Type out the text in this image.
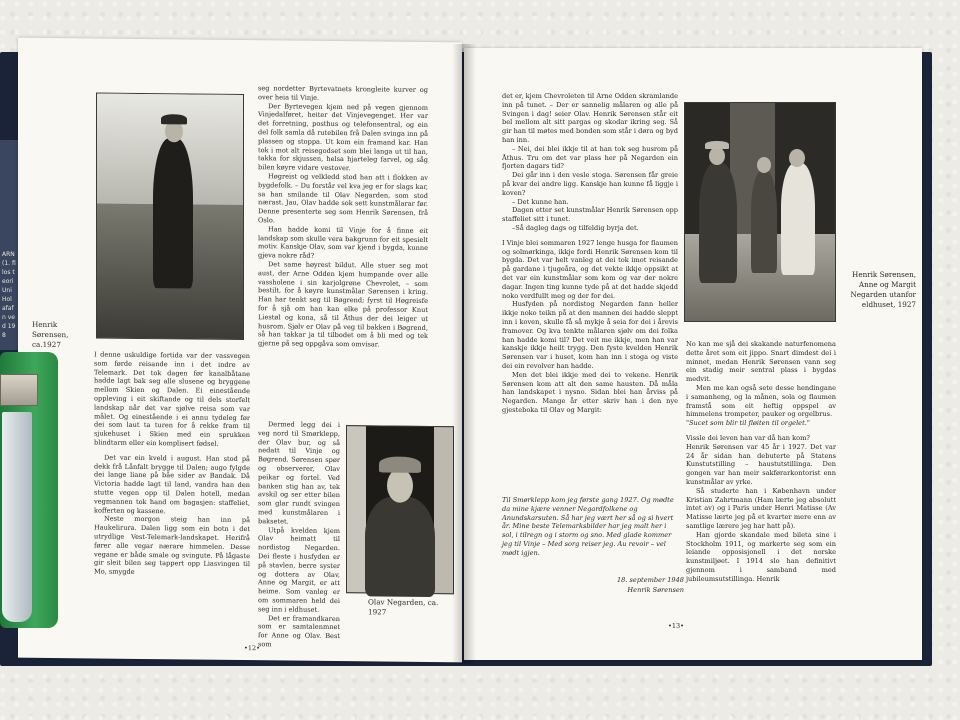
ARN (1. filos teori Uni Hol afaf n ved 198
Henrik Sørensen, ca.1927

I denne uskuldige fortida var der vassvegen som førde reisande inn i det indre av Telemark. Det tok dagen før kanalbåtane hadde lagt bak seg alle slusene og bryggene mellom Skien og Dalen. Ei einestående oppleving i eit skiftande og til dels storfelt landskap når det var sjølve reisa som var målet. Og einestående i ei annu tydeleg før dei som laut ta turen for å rekke fram til sjukehuset i Skien med ein sprukken blindtarm eller ein komplisert fødsel.

Det var ein kveld i august. Han stod på dekk frå Lånfalt brygge til Dalen; augo fylgde dei lange liane på båe sider av Bandak. Då Victoria hadde lagt til land, vandra han den stutte vegen opp til Dalen hotell, medan vegmannen tok hand om bagasjen: staffeliet, kofferten og kassene.

Neste morgon steig han inn på Haukelirura. Dalen ligg som ein botn i det utrydlige Vest-Telemark-landskapet. Herifrå fører alle vegar nærare himmelen. Desse vegane er både smale og svingute. På lågaste gir sleit bilen seg tappert opp Liasvingen til Mo, smygde

seg nordetter Byrtevatnets krongleite kurver og over heia til Vinje.

Der Byrtevegen kjem ned på vegen gjennom Vinjedalføret, heiter det Vinjevegenget. Her var det forretning, posthus og telefonsentral, og ein del folk samla då rutebilen frå Dalen svinga inn på plassen og stoppa. Ut kom ein framand kar. Han tok i mot alt reisegodset som blei langa ut til han, takka for skjussen, helsa hjarteleg farvel, og såg bilen køyre vidare vestover.

Høgreist og velkledd stod han att i flokken av bygdefolk. – Du forstår vel kva jeg er for slags kar, sa han smilande til Olav Negarden, som stod nærast. Jau, Olav hadde sok sett kunstmålarar før. Denne presenterte seg som Henrik Sørensen, frå Oslo.

Han hadde komi til Vinje for å finne eit landskap som skulle vera bakgrunn for eit spesielt motiv. Kanskje Olav, som var kjend i bygda, kunne gjeva nokre råd?

Det same høyrest bildut. Alle stuer seg mot aust, der Arne Odden kjem humpande over alle vassholene i sin karjolgrøne Chevrolet, – som bestilt, for å køyre kunstmålar Sørensen i kring. Han har tenkt seg til Bøgrend; fyrst til Høgreisfe for å sjå om han kan elke på professor Knut Liestøl og kona, så til Åthus der dei leiger ut husrom. Sjølv er Olav på veg til bakken i Bøgrend, så han takkar ja til tilbodet om å bli med og tek gjerne på seg oppgåva som omvisar.

Dermed legg dei i veg nord til Smørklepp, der Olav bur, og så nedatt til Vinje og Bøgrend. Sørensen spør og observerer, Olav peikar og fortel. Ved banken stig han av, tek avskil og ser etter bilen som glar rundt svingen med kunstmålaren i baksetet.

Utpå kvelden kjem Olav heimatt til nordistog Negarden. Dei fleste i husfyden er på stavlen, berre syster og dottera av Olav, Anne og Margit, er att heime. Som vanleg er om sommaren held dei seg inn i eldhuset.

Det er framandkaren som er samtalenmnet for Anne og Olav. Best som

Olav Negarden, ca. 1927
•12•

det er, kjem Chevroleten til Arne Odden skramlande inn på tunet. – Der er sannelig målaren og alle på Svingen i dag! seier Olav. Henrik Sørensen står eit bel mellom alt sitt pargas og skodar ikring seg. Så gir han til møtes med bonden som står i døra og byd han inn.

– Nei, dei blei ikkje til at han tok seg husrom på Åthus. Tru om det var plass her på Negarden ein fjorten dagars tid?

Dei går inn i den vesle stoga. Sørensen får greie på kvar dei andre ligg. Kanskje han kunne få liggje i koven?

– Det kunne han.

Dagen etter set kunstmålar Henrik Sørensen opp staffeliet sitt i tunet.

–Så dagleg dags og tilfeldig byrja det.

I Vinje blei sommaren 1927 lenge husga for flaumen og solmørkinga, ikkje fordi Henrik Sørensen kom til bygda. Det var helt vanleg at dei tok imot reisande på gardane i tjugeåra, og det vekte ikkje oppsikt at det var ein kunstmålar som kom og var der nokre dagar. Ingen ting kunne tyde på at det hadde skjedd noko verdfullt meg og der for dei.

Husfyden på nordistog Negarden fann heller ikkje noko teikn på at den mannen dei hadde sleppt inn i koven, skulle få så mykje å seia for dei i årevis framover. Og kva tenkte målaren sjølv om dei folka han hadde komi til? Det veit me ikkje, men han var kanskje ikkje heilt trygg. Den fyste kvelden Henrik Sørensen var i huset, kom han inn i stoga og viste dei ein revolver han hadde.

Men det blei ikkje med dei to vekene. Henrik Sørensen kom att alt den same hausten. Då måla han landskapet i nysno. Sidan blei han årviss på Negarden. Mange år etter skriv han i den nye gjesteboka til Olav og Margit:

Til Smørklepp kom jeg første gang 1927. Og mødte da mine kjære venner Negardfolkene og Anundskarsuten. Så har jeg vært her så og si hvert år. Mine beste Telemarksbilder har jeg malt her i sol, i tilregn og i storm og sno. Med glade kommer jeg til Vinje – Med sorg reiser jeg. Au revoir – vel mødt igjen.
18. september 1948
Henrik Sørensen
Henrik Sørensen, Anne og Margit Negarden utanfor eldhuset, 1927

No kan me sjå dei skakande naturfenomena dette året som eit jippo. Snart dimdest dei i minnet, medan Henrik Sørensen vann seg ein stadig meir sentral plass i bygdas medvit.

Men me kan også sete desse hendingane i samanheng, og la månen, sola og flaumen framstå som eit heftig oppspel av himmelens trompeter, pauker og orgelbrus.

"Sucet som blir til fløiten til orgelet."

Vissle dei leven han var då han kom?

Henrik Sørensen var 45 år i 1927. Det var 24 år sidan han debuterte på Statens Kunstutstilling – haustutstillinga. Den gongen var han meir sakførarkontorist enn kunstmålar av yrke.

Så studerte han i København under Kristian Zahrtmann (Ham lærte jeg absolutt intet av) og i Paris under Henri Matisse (Av Matisse lærte jeg på et kvarter mere enn av samtlige lærere jeg har hatt på).

Han gjorde skandale med bileta sine i Stockholm 1911, og markerte seg som ein leiande opposisjonell i det norske kunstmiljøet. I 1914 slo han definitivt gjennom i samband med jubileumsutstillinga. Henrik

•13•
